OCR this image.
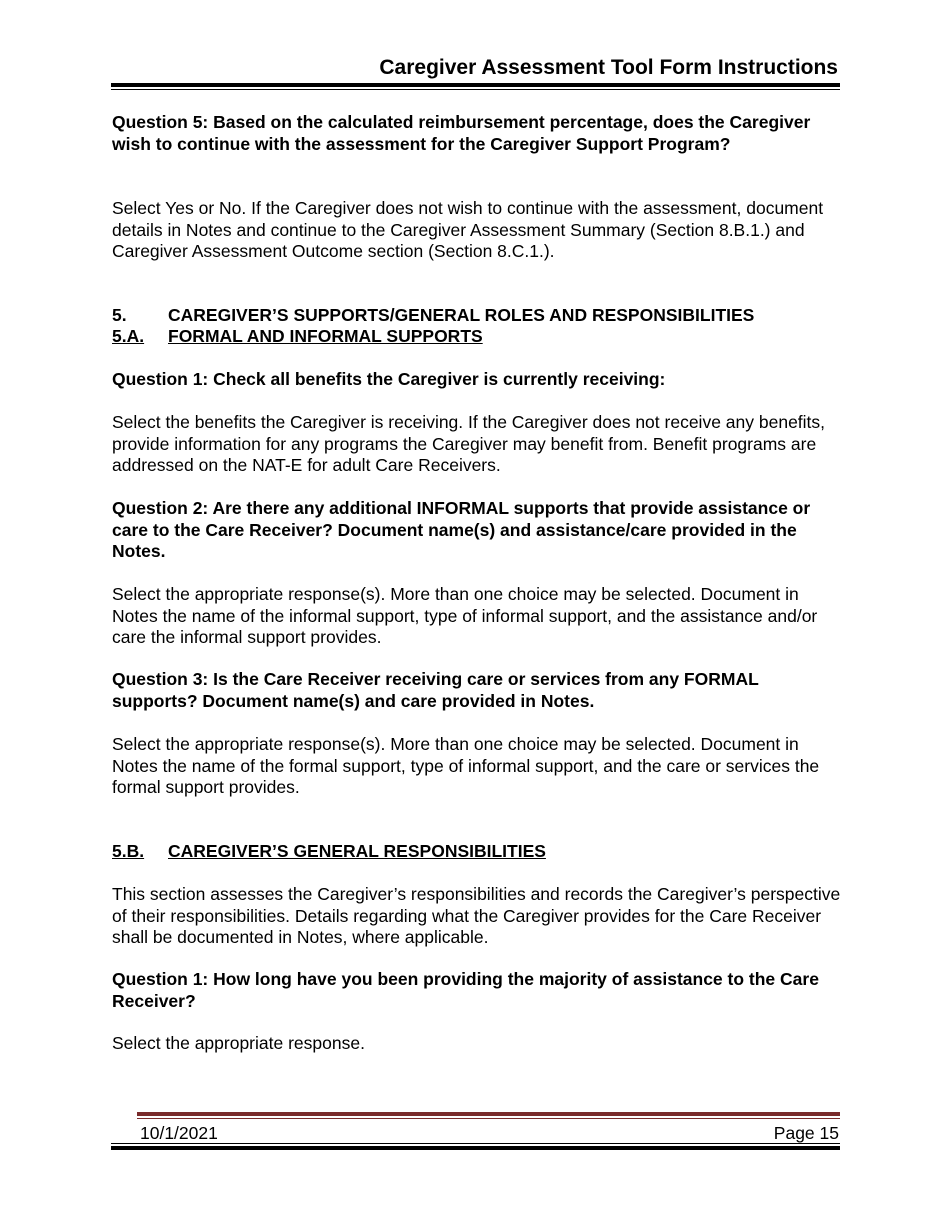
Caregiver Assessment Tool Form Instructions

Question 5: Based on the calculated reimbursement percentage, does the Caregiver wish to continue with the assessment for the Caregiver Support Program?

Select Yes or No. If the Caregiver does not wish to continue with the assessment, document details in Notes and continue to the Caregiver Assessment Summary (Section 8.B.1.) and Caregiver Assessment Outcome section (Section 8.C.1.).

5. CAREGIVER’S SUPPORTS/GENERAL ROLES AND RESPONSIBILITIES
5.A. FORMAL AND INFORMAL SUPPORTS

Question 1: Check all benefits the Caregiver is currently receiving:

Select the benefits the Caregiver is receiving. If the Caregiver does not receive any benefits, provide information for any programs the Caregiver may benefit from. Benefit programs are addressed on the NAT-E for adult Care Receivers.

Question 2: Are there any additional INFORMAL supports that provide assistance or care to the Care Receiver? Document name(s) and assistance/care provided in the Notes.

Select the appropriate response(s). More than one choice may be selected. Document in Notes the name of the informal support, type of informal support, and the assistance and/or care the informal support provides.

Question 3: Is the Care Receiver receiving care or services from any FORMAL supports? Document name(s) and care provided in Notes.

Select the appropriate response(s). More than one choice may be selected. Document in Notes the name of the formal support, type of informal support, and the care or services the formal support provides.

5.B. CAREGIVER’S GENERAL RESPONSIBILITIES

This section assesses the Caregiver’s responsibilities and records the Caregiver’s perspective of their responsibilities. Details regarding what the Caregiver provides for the Care Receiver shall be documented in Notes, where applicable.

Question 1: How long have you been providing the majority of assistance to the Care Receiver?

Select the appropriate response.

10/1/2021	Page 15
